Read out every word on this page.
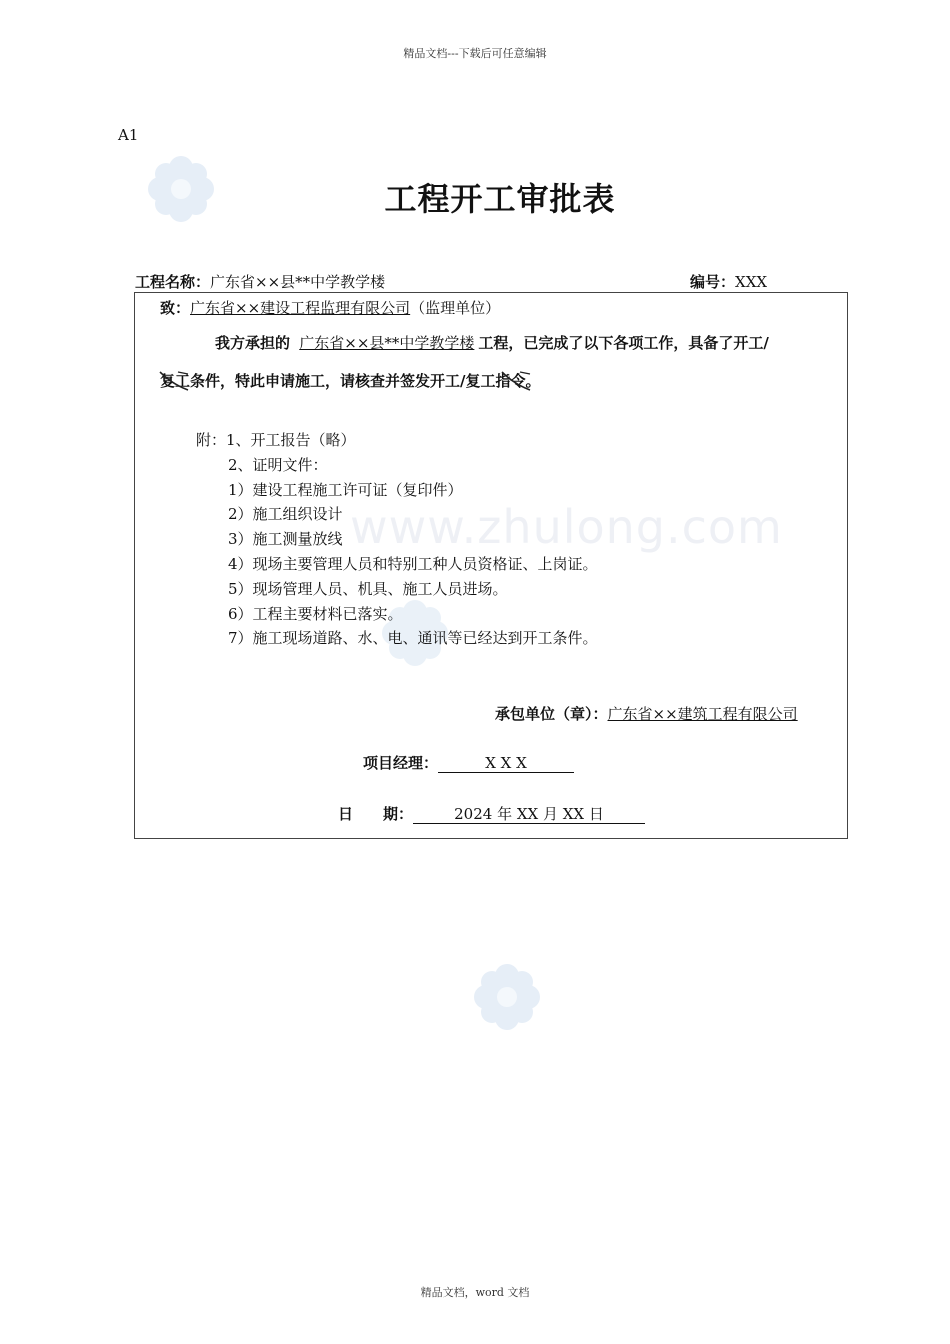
www.zhulong.com
精品文档---下载后可任意编辑
A1
工程开工审批表
工程名称：广东省××县**中学教学楼	编号：XXX
致：广东省××建设工程监理有限公司（监理单位）
我方承担的 广东省××县**中学教学楼 工程，已完成了以下各项工作，具备了开工/
复工条件，特此申请施工，请核查并签发开工/复工指令。
附：1、开工报告（略）
2、证明文件：
1）建设工程施工许可证（复印件）
2）施工组织设计
3）施工测量放线
4）现场主要管理人员和特别工种人员资格证、上岗证。
5）现场管理人员、机具、施工人员进场。
6）工程主要材料已落实。
7）施工现场道路、水、电、通讯等已经达到开工条件。
承包单位（章）：广东省××建筑工程有限公司
项目经理：	X X X
日　　期：	2024 年 XX 月 XX 日
精品文档，word 文档
